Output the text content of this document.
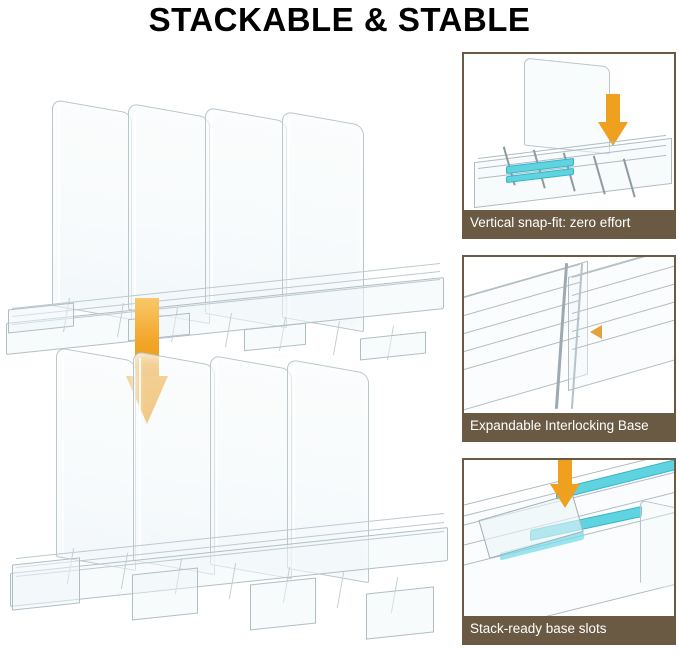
STACKABLE & STABLE
Vertical snap-fit: zero effort
Expandable Interlocking Base
Stack-ready base slots
